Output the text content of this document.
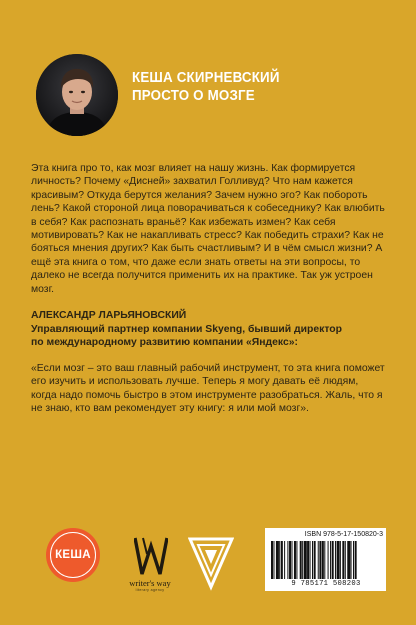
КЕША СКИРНЕВСКИЙ
ПРОСТО О МОЗГЕ

Эта книга про то, как мозг влияет на нашу жизнь. Как формируется личность? Почему «Дисней» захватил Голливуд? Что нам кажется красивым? Откуда берутся желания? Зачем нужно эго? Как побороть лень? Какой стороной лица поворачиваться к собеседнику? Как влюбить в себя? Как распознать враньё? Как избежать измен? Как себя мотивировать? Как не накапливать стресс? Как победить страхи? Как не бояться мнения других? Как быть счастливым? И в чём смысл жизни? А ещё эта книга о том, что даже если знать ответы на эти вопросы, то далеко не всегда получится применить их на практике. Так уж устроен мозг.

АЛЕКСАНДР ЛАРЬЯНОВСКИЙ
Управляющий партнер компании Skyeng, бывший директор по международному развитию компании «Яндекс»:
«Если мозг – это ваш главный рабочий инструмент, то эта книга поможет его изучить и использовать лучше. Теперь я могу давать её людям, когда надо помочь быстро в этом инструменте разобраться. Жаль, что я не знаю, кто вам рекомендует эту книгу: я или мой мозг».
КЕША
writer's way
literary agency
ISBN 978-5-17-150820-3
9 785171 508203
